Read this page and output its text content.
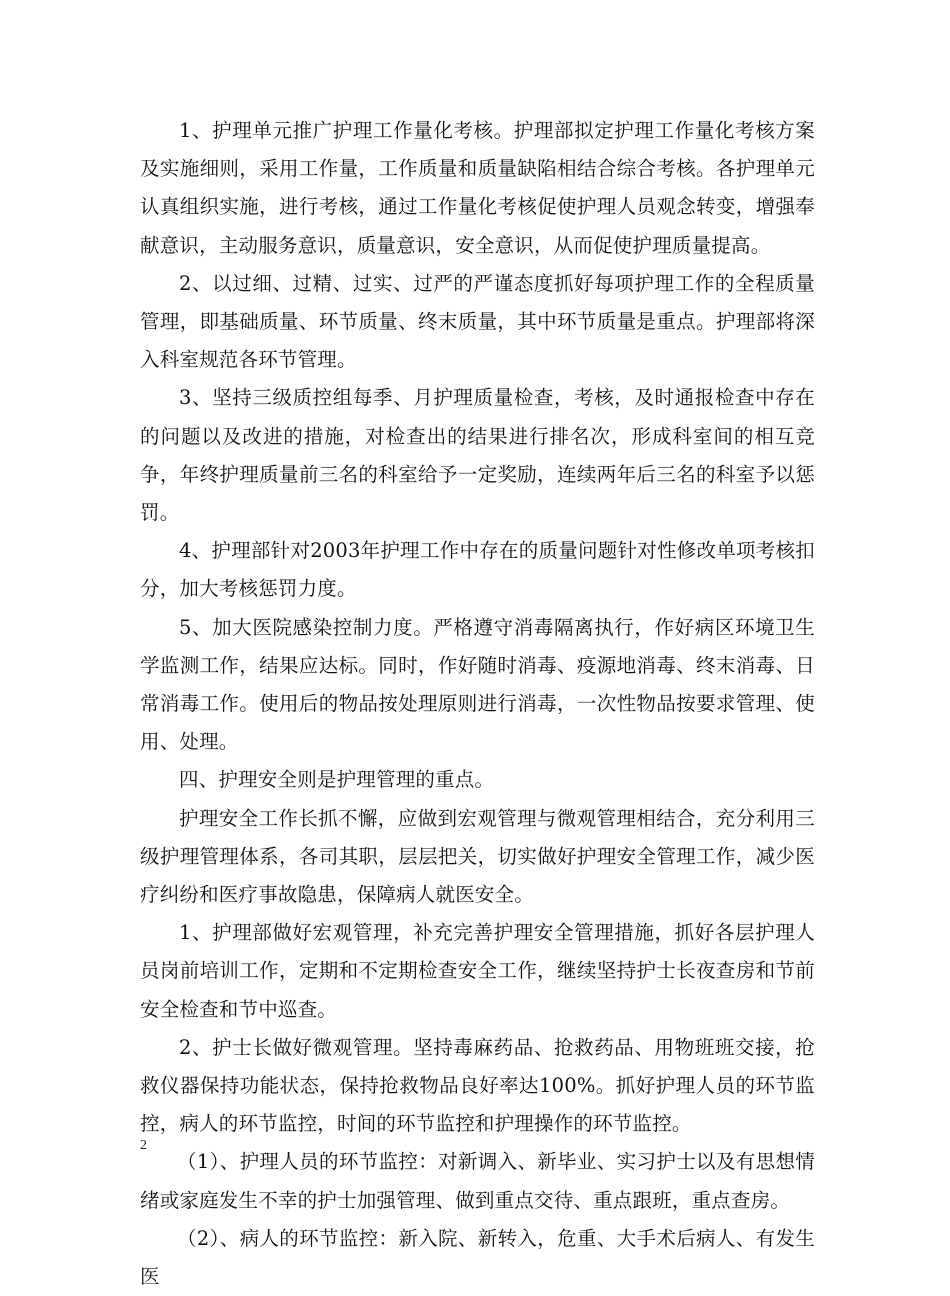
1、护理单元推广护理工作量化考核。护理部拟定护理工作量化考核方案及实施细则，采用工作量，工作质量和质量缺陷相结合综合考核。各护理单元认真组织实施，进行考核，通过工作量化考核促使护理人员观念转变，增强奉献意识，主动服务意识，质量意识，安全意识，从而促使护理质量提高。

2、以过细、过精、过实、过严的严谨态度抓好每项护理工作的全程质量管理，即基础质量、环节质量、终末质量，其中环节质量是重点。护理部将深入科室规范各环节管理。

3、坚持三级质控组每季、月护理质量检查，考核，及时通报检查中存在的问题以及改进的措施，对检查出的结果进行排名次，形成科室间的相互竞争，年终护理质量前三名的科室给予一定奖励，连续两年后三名的科室予以惩罚。

4、护理部针对2003年护理工作中存在的质量问题针对性修改单项考核扣分，加大考核惩罚力度。

5、加大医院感染控制力度。严格遵守消毒隔离执行，作好病区环境卫生学监测工作，结果应达标。同时，作好随时消毒、疫源地消毒、终末消毒、日常消毒工作。使用后的物品按处理原则进行消毒，一次性物品按要求管理、使用、处理。

四、护理安全则是护理管理的重点。

护理安全工作长抓不懈，应做到宏观管理与微观管理相结合，充分利用三级护理管理体系，各司其职，层层把关，切实做好护理安全管理工作，减少医疗纠纷和医疗事故隐患，保障病人就医安全。

1、护理部做好宏观管理，补充完善护理安全管理措施，抓好各层护理人员岗前培训工作，定期和不定期检查安全工作，继续坚持护士长夜查房和节前安全检查和节中巡查。

2、护士长做好微观管理。坚持毒麻药品、抢救药品、用物班班交接，抢救仪器保持功能状态，保持抢救物品良好率达100%。抓好护理人员的环节监控，病人的环节监控，时间的环节监控和护理操作的环节监控。

（1）、护理人员的环节监控：对新调入、新毕业、实习护士以及有思想情绪或家庭发生不幸的护士加强管理、做到重点交待、重点跟班，重点查房。

（2）、病人的环节监控：新入院、新转入，危重、大手术后病人、有发生医

2
